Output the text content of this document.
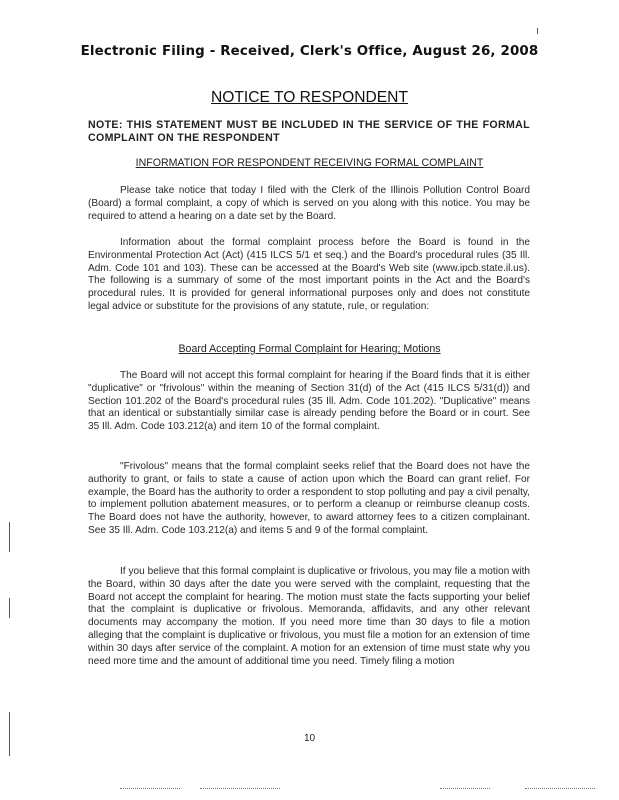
Electronic Filing - Received, Clerk's Office, August 26, 2008
NOTICE TO RESPONDENT
NOTE: THIS STATEMENT MUST BE INCLUDED IN THE SERVICE OF THE FORMAL COMPLAINT ON THE RESPONDENT
INFORMATION FOR RESPONDENT RECEIVING FORMAL COMPLAINT

Please take notice that today I filed with the Clerk of the Illinois Pollution Control Board (Board) a formal complaint, a copy of which is served on you along with this notice. You may be required to attend a hearing on a date set by the Board.

Information about the formal complaint process before the Board is found in the Environmental Protection Act (Act) (415 ILCS 5/1 et seq.) and the Board's procedural rules (35 Ill. Adm. Code 101 and 103). These can be accessed at the Board's Web site (www.ipcb.state.il.us). The following is a summary of some of the most important points in the Act and the Board's procedural rules. It is provided for general informational purposes only and does not constitute legal advice or substitute for the provisions of any statute, rule, or regulation:

Board Accepting Formal Complaint for Hearing; Motions

The Board will not accept this formal complaint for hearing if the Board finds that it is either "duplicative" or "frivolous" within the meaning of Section 31(d) of the Act (415 ILCS 5/31(d)) and Section 101.202 of the Board's procedural rules (35 Ill. Adm. Code 101.202). "Duplicative" means that an identical or substantially similar case is already pending before the Board or in court. See 35 Ill. Adm. Code 103.212(a) and item 10 of the formal complaint.

"Frivolous" means that the formal complaint seeks relief that the Board does not have the authority to grant, or fails to state a cause of action upon which the Board can grant relief. For example, the Board has the authority to order a respondent to stop polluting and pay a civil penalty, to implement pollution abatement measures, or to perform a cleanup or reimburse cleanup costs. The Board does not have the authority, however, to award attorney fees to a citizen complainant. See 35 Ill. Adm. Code 103.212(a) and items 5 and 9 of the formal complaint.

If you believe that this formal complaint is duplicative or frivolous, you may file a motion with the Board, within 30 days after the date you were served with the complaint, requesting that the Board not accept the complaint for hearing. The motion must state the facts supporting your belief that the complaint is duplicative or frivolous. Memoranda, affidavits, and any other relevant documents may accompany the motion. If you need more time than 30 days to file a motion alleging that the complaint is duplicative or frivolous, you must file a motion for an extension of time within 30 days after service of the complaint. A motion for an extension of time must state why you need more time and the amount of additional time you need. Timely filing a motion

10
